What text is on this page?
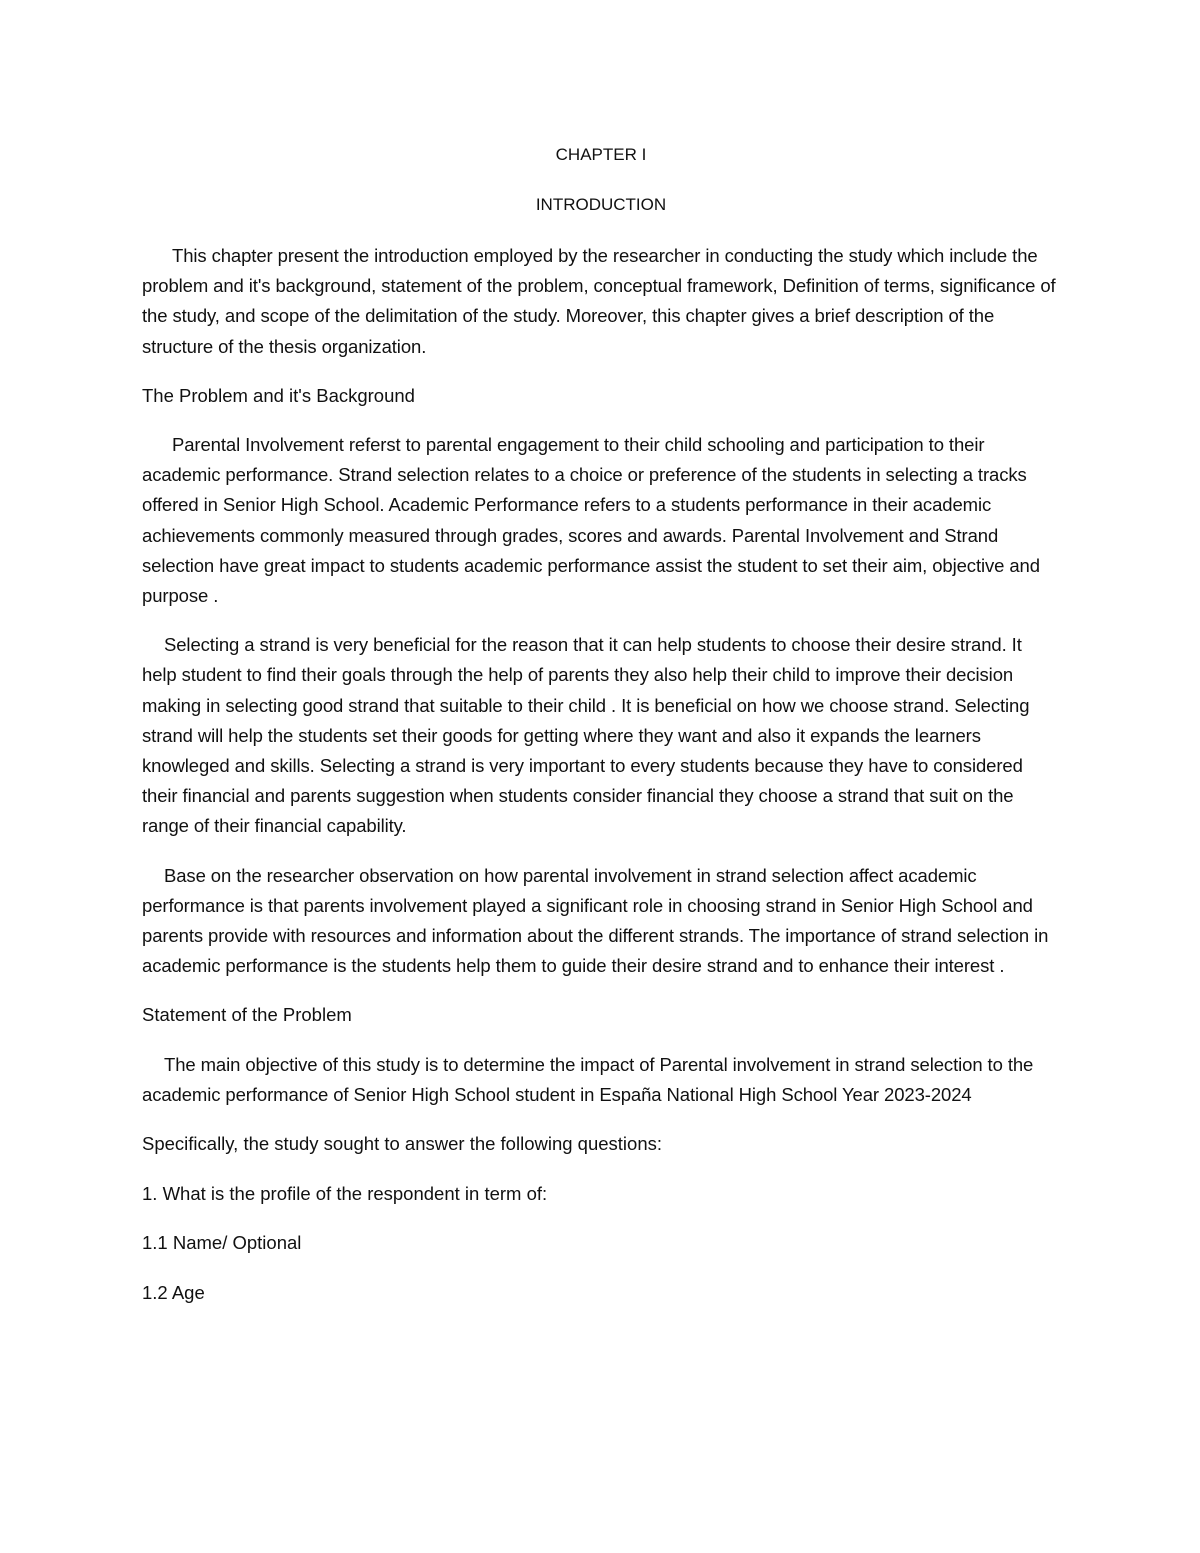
CHAPTER I

INTRODUCTION

This chapter present the introduction employed by the researcher in conducting the study which include the problem and it's background, statement of the problem, conceptual framework, Definition of terms, significance of the study, and scope of the delimitation of the study. Moreover, this chapter gives a brief description of the structure of the thesis organization.

The Problem and it's Background

Parental Involvement referst to parental engagement to their child schooling and participation to their academic performance. Strand selection relates to a choice or preference of the students in selecting a tracks offered in Senior High School. Academic Performance refers to a students performance in their academic achievements commonly measured through grades, scores and awards. Parental Involvement and Strand selection have great impact to students academic performance assist the student to set their aim, objective and purpose .

Selecting a strand is very beneficial for the reason that it can help students to choose their desire strand. It help student to find their goals through the help of parents they also help their child to improve their decision making in selecting good strand that suitable to their child . It is beneficial on how we choose strand. Selecting strand will help the students set their goods for getting where they want and also it expands the learners knowleged and skills. Selecting a strand is very important to every students because they have to considered their financial and parents suggestion when students consider financial they choose a strand that suit on the range of their financial capability.

Base on the researcher observation on how parental involvement in strand selection affect academic performance is that parents involvement played a significant role in choosing strand in Senior High School and parents provide with resources and information about the different strands. The importance of strand selection in academic performance is the students help them to guide their desire strand and to enhance their interest .

Statement of the Problem

The main objective of this study is to determine the impact of Parental involvement in strand selection to the academic performance of Senior High School student in España National High School Year 2023-2024

Specifically, the study sought to answer the following questions:

1. What is the profile of the respondent in term of:

1.1 Name/ Optional

1.2 Age
